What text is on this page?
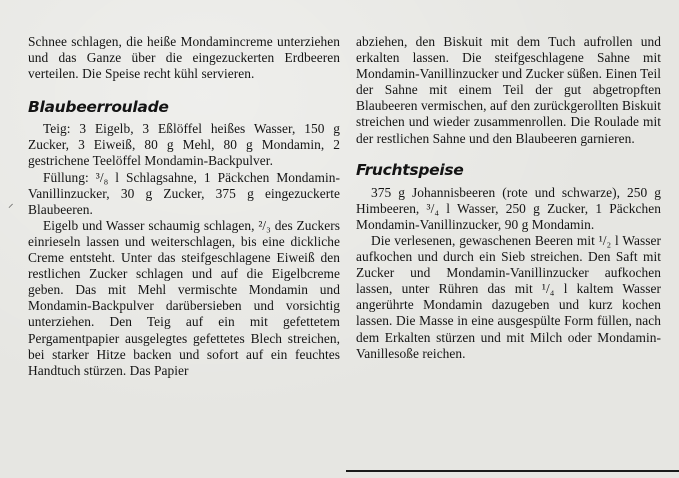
⸝

Schnee schlagen, die heiße Mondamincreme unterziehen und das Ganze über die eingezuckerten Erdbeeren verteilen. Die Speise recht kühl servieren.

Blaubeerroulade

Teig: 3 Eigelb, 3 Eßlöffel heißes Wasser, 150 g Zucker, 3 Eiweiß, 80 g Mehl, 80 g Mondamin, 2 gestrichene Teelöffel Mondamin-Backpulver.

Füllung: ³/₈ l Schlagsahne, 1 Päckchen Mondamin-Vanillinzucker, 30 g Zucker, 375 g eingezuckerte Blaubeeren.

Eigelb und Wasser schaumig schlagen, ²/₃ des Zuckers einrieseln lassen und weiterschlagen, bis eine dickliche Creme entsteht. Unter das steifgeschlagene Eiweiß den restlichen Zucker schlagen und auf die Eigelbcreme geben. Das mit Mehl vermischte Mondamin und Mondamin-Backpulver darübersieben und vorsichtig unterziehen. Den Teig auf ein mit gefettetem Pergamentpapier ausgelegtes gefettetes Blech streichen, bei starker Hitze backen und sofort auf ein feuchtes Handtuch stürzen. Das Papier

abziehen, den Biskuit mit dem Tuch aufrollen und erkalten lassen. Die steifgeschlagene Sahne mit Mondamin-Vanillinzucker und Zucker süßen. Einen Teil der Sahne mit einem Teil der gut abgetropften Blaubeeren vermischen, auf den zurückgerollten Biskuit streichen und wieder zusammenrollen. Die Roulade mit der restlichen Sahne und den Blaubeeren garnieren.

Fruchtspeise

375 g Johannisbeeren (rote und schwarze), 250 g Himbeeren, ³/₄ l Wasser, 250 g Zucker, 1 Päckchen Mondamin-Vanillinzucker, 90 g Mondamin.

Die verlesenen, gewaschenen Beeren mit ¹/₂ l Wasser aufkochen und durch ein Sieb streichen. Den Saft mit Zucker und Mondamin-Vanillinzucker aufkochen lassen, unter Rühren das mit ¹/₄ l kaltem Wasser angerührte Mondamin dazugeben und kurz kochen lassen. Die Masse in eine ausgespülte Form füllen, nach dem Erkalten stürzen und mit Milch oder Mondamin-Vanillesoße reichen.
